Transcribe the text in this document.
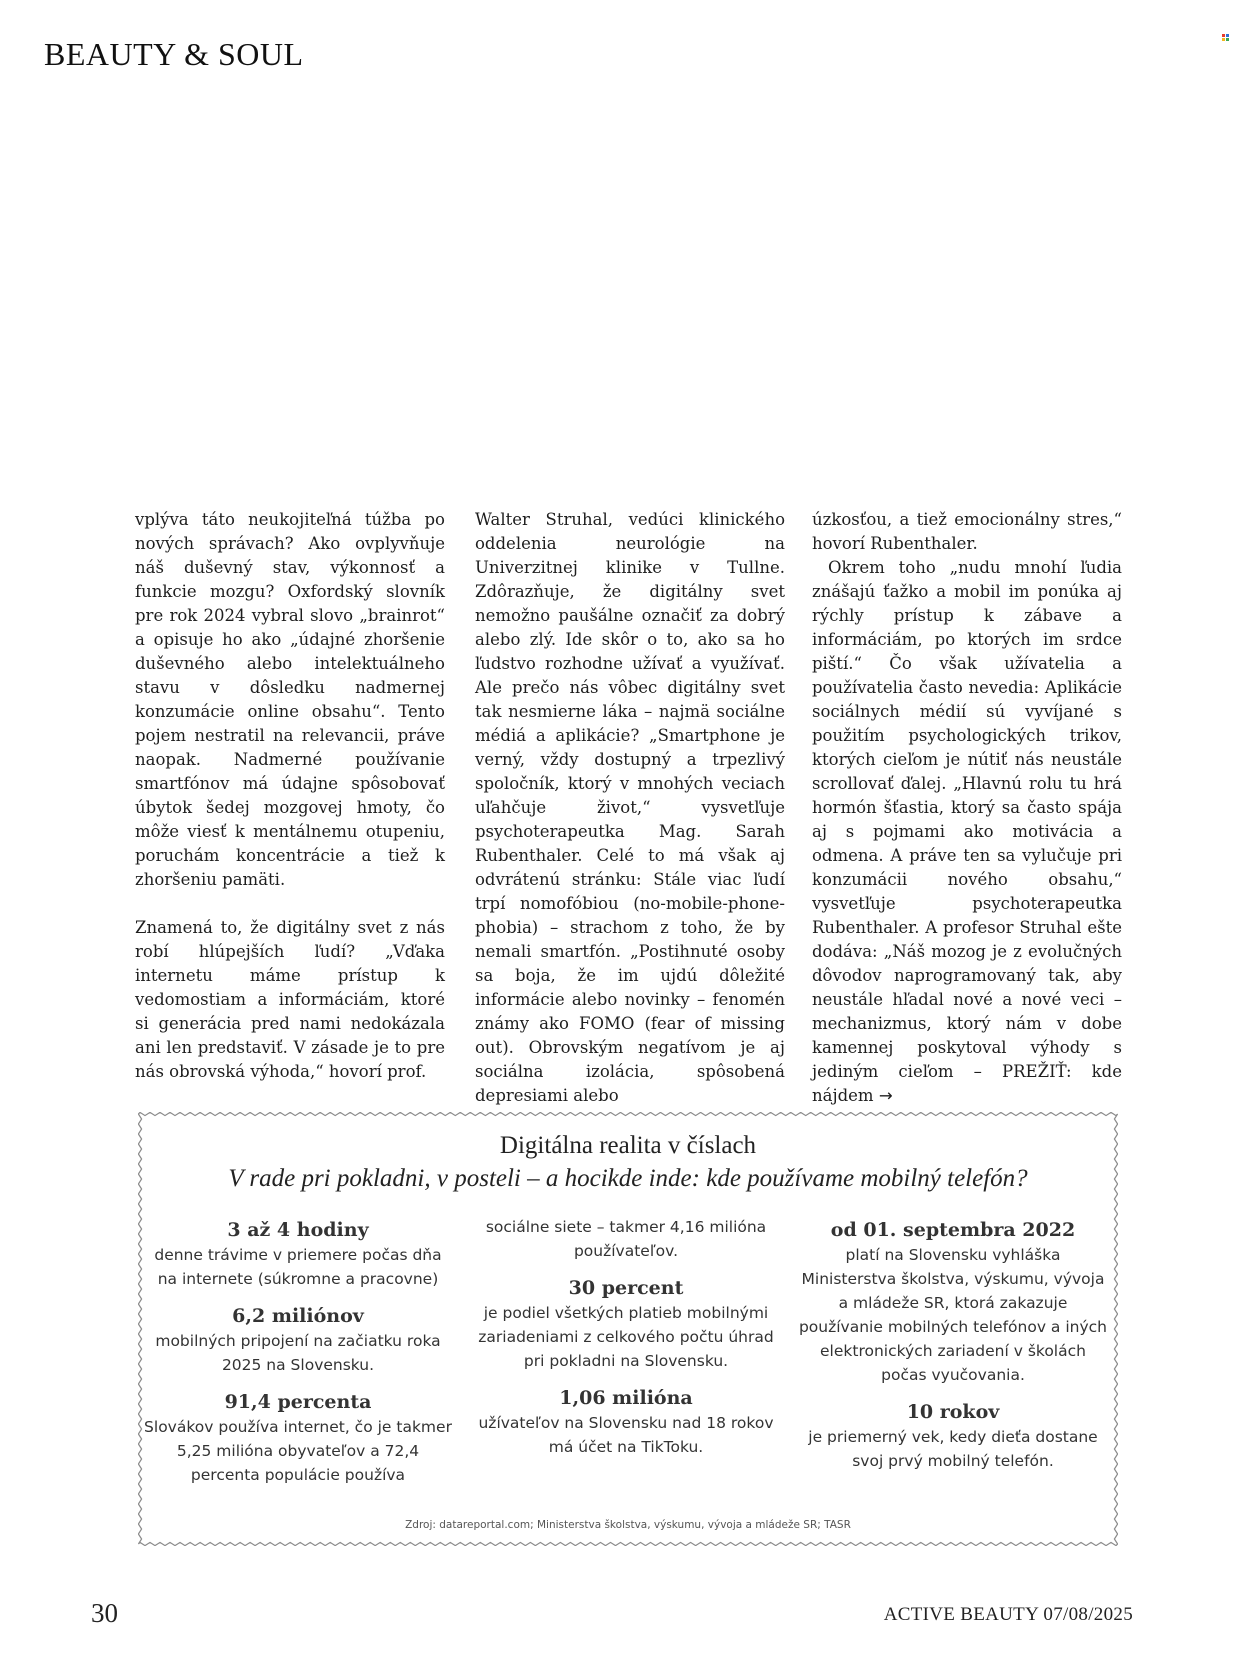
BEAUTY & SOUL

vplýva táto neukojiteľná túžba po nových správach? Ako ovplyvňuje náš duševný stav, výkonnosť a funkcie mozgu? Oxfordský slovník pre rok 2024 vybral slovo „brainrot“ a opisuje ho ako „údajné zhoršenie duševného alebo intelektuálneho stavu v dôsledku nadmernej konzumácie online obsahu“. Tento pojem nestratil na relevancii, práve naopak. Nadmerné používanie smartfónov má údajne spôsobovať úbytok šedej mozgovej hmoty, čo môže viesť k mentálnemu otupeniu, poruchám koncentrácie a tiež k zhoršeniu pamäti.

Znamená to, že digitálny svet z nás robí hlúpejších ľudí? „Vďaka internetu máme prístup k vedomostiam a informáciám, ktoré si generácia pred nami nedokázala ani len predstaviť. V zásade je to pre nás obrovská výhoda,“ hovorí prof.

Walter Struhal, vedúci klinického oddelenia neurológie na Univerzitnej klinike v Tullne. Zdôrazňuje, že digitálny svet nemožno paušálne označiť za dobrý alebo zlý. Ide skôr o to, ako sa ho ľudstvo rozhodne užívať a využívať. Ale prečo nás vôbec digitálny svet tak nesmierne láka – najmä sociálne médiá a aplikácie? „Smartphone je verný, vždy dostupný a trpezlivý spoločník, ktorý v mnohých veciach uľahčuje život,“ vysvetľuje psychoterapeutka Mag. Sarah Rubenthaler. Celé to má však aj odvrátenú stránku: Stále viac ľudí trpí nomofóbiou (no-mobile-phone-phobia) – strachom z toho, že by nemali smartfón. „Postihnuté osoby sa boja, že im ujdú dôležité informácie alebo novinky – fenomén známy ako FOMO (fear of missing out). Obrovským negatívom je aj sociálna izolácia, spôsobená depresiami alebo

úzkosťou, a tiež emocionálny stres,“ hovorí Rubenthaler.

Okrem toho „nudu mnohí ľudia znášajú ťažko a mobil im ponúka aj rýchly prístup k zábave a informáciám, po ktorých im srdce piští.“ Čo však užívatelia a používatelia často nevedia: Aplikácie sociálnych médií sú vyvíjané s použitím psychologických trikov, ktorých cieľom je nútiť nás neustále scrollovať ďalej. „Hlavnú rolu tu hrá hormón šťastia, ktorý sa často spája aj s pojmami ako motivácia a odmena. A práve ten sa vylučuje pri konzumácii nového obsahu,“ vysvetľuje psychoterapeutka Rubenthaler. A profesor Struhal ešte dodáva: „Náš mozog je z evolučných dôvodov naprogramovaný tak, aby neustále hľadal nové a nové veci – mechanizmus, ktorý nám v dobe kamennej poskytoval výhody s jediným cieľom – PREŽIŤ: kde nájdem →

Digitálna realita v číslach
V rade pri pokladni, v posteli – a hocikde inde: kde používame mobilný telefón?
3 až 4 hodiny
denne trávime v priemere počas dňa na internete (súkromne a pracovne)
6,2 miliónov
mobilných pripojení na začiatku roka 2025 na Slovensku.
91,4 percenta
Slovákov používa internet, čo je takmer 5,25 milióna obyvateľov a 72,4 percenta populácie používa
sociálne siete – takmer 4,16 milióna používateľov.
30 percent
je podiel všetkých platieb mobilnými zariadeniami z celkového počtu úhrad pri pokladni na Slovensku.
1,06 milióna
užívateľov na Slovensku nad 18 rokov má účet na TikToku.
od 01. septembra 2022
platí na Slovensku vyhláška Ministerstva školstva, výskumu, vývoja a mládeže SR, ktorá zakazuje používanie mobilných telefónov a iných elektronických zariadení v školách počas vyučovania.
10 rokov
je priemerný vek, kedy dieťa dostane svoj prvý mobilný telefón.
Zdroj: datareportal.com; Ministerstva školstva, výskumu, vývoja a mládeže SR; TASR
30	ACTIVE BEAUTY 07/08/2025
